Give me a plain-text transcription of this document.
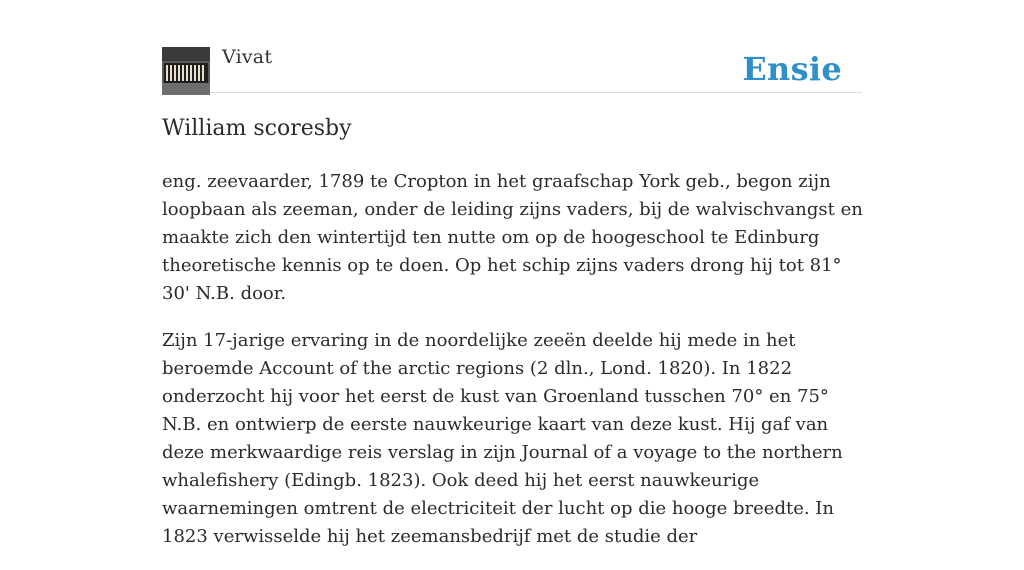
Vivat	Ensie
William scoresby

eng. zeevaarder, 1789 te Cropton in het graafschap York geb., begon zijn loopbaan als zeeman, onder de leiding zijns vaders, bij de walvischvangst en maakte zich den wintertijd ten nutte om op de hoogeschool te Edinburg theoretische kennis op te doen. Op het schip zijns vaders drong hij tot 81° 30' N.B. door.

Zijn 17-jarige ervaring in de noordelijke zeeën deelde hij mede in het beroemde Account of the arctic regions (2 dln., Lond. 1820). In 1822 onderzocht hij voor het eerst de kust van Groenland tusschen 70° en 75° N.B. en ontwierp de eerste nauwkeurige kaart van deze kust. Hij gaf van deze merkwaardige reis verslag in zijn Journal of a voyage to the northern whalefishery (Edingb. 1823). Ook deed hij het eerst nauwkeurige waarnemingen omtrent de electriciteit der lucht op die hooge breedte. In 1823 verwisselde hij het zeemansbedrijf met de studie der
